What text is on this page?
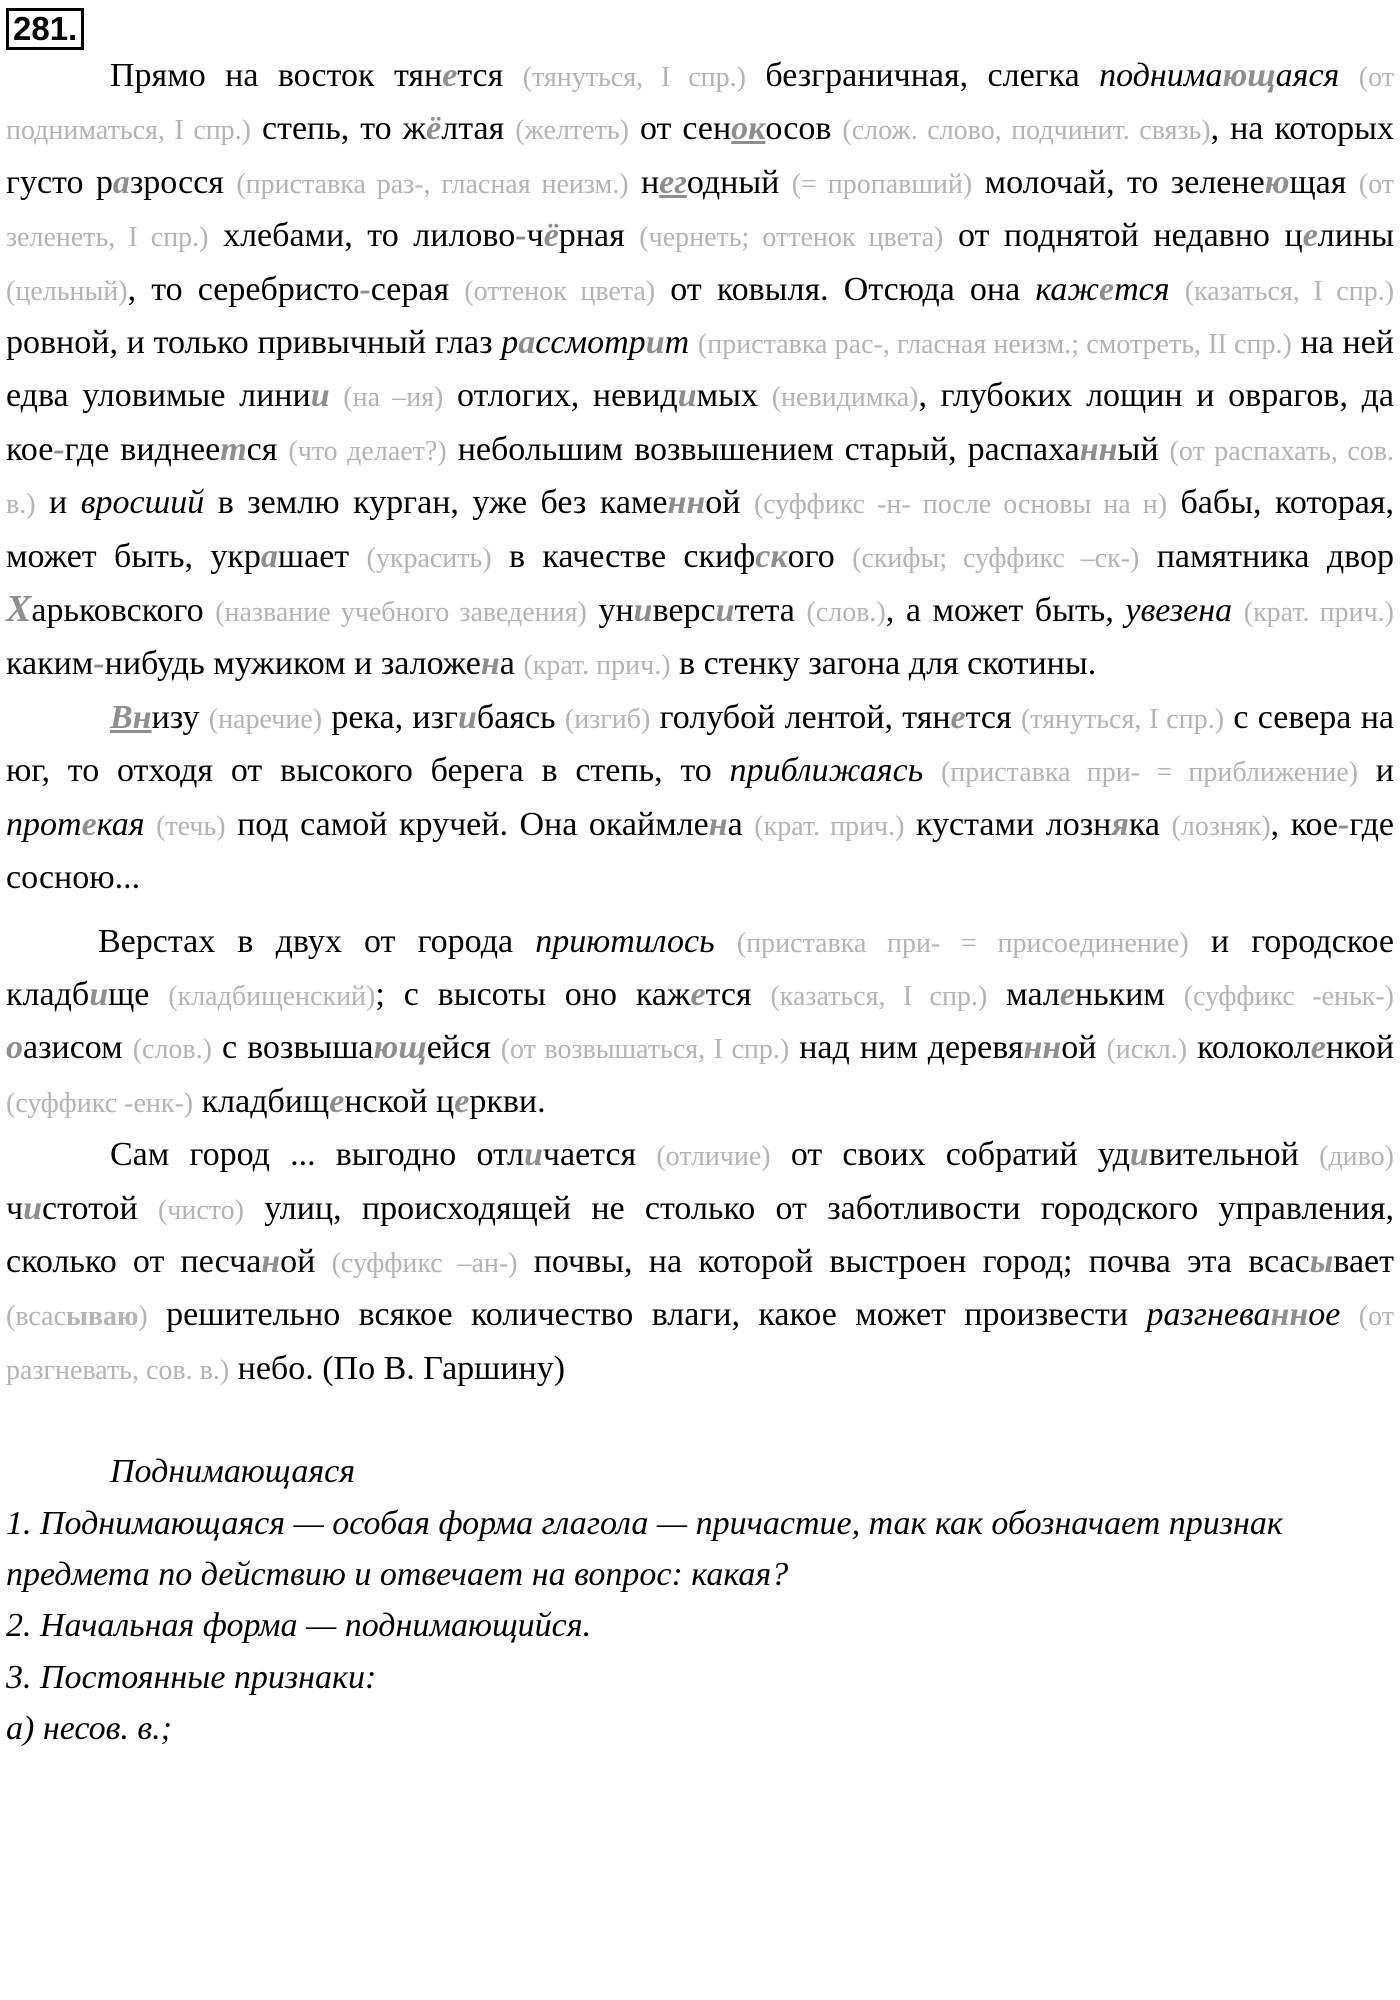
281.

Прямо на восток тянется (тянуться, I спр.) безграничная, слегка поднимающаяся (от подниматься, I спр.) степь, то жёлтая (желтеть) от сенокосов (слож. слово, подчинит. связь), на которых густо разросся (приставка раз-, гласная неизм.) негодный (= пропавший) молочай, то зеленеющая (от зеленеть, I спр.) хлебами, то лилово-чёрная (чернеть; оттенок цвета) от поднятой недавно целины (цельный), то серебристо-серая (оттенок цвета) от ковыля. Отсюда она кажется (казаться, I спр.) ровной, и только привычный глаз рассмотрит (приставка рас-, гласная неизм.; смотреть, II спр.) на ней едва уловимые линии (на –ия) отлогих, невидимых (невидимка), глубоких лощин и оврагов, да кое-где виднеется (что делает?) небольшим возвышением старый, распаханный (от распахать, сов. в.) и вросший в землю курган, уже без каменной (суффикс -н- после основы на н) бабы, которая, может быть, украшает (украсить) в качестве скифского (скифы; суффикс –ск-) памятника двор Харьковского (название учебного заведения) университета (слов.), а может быть, увезена (крат. прич.) каким-нибудь мужиком и заложена (крат. прич.) в стенку загона для скотины.

Внизу (наречие) река, изгибаясь (изгиб) голубой лентой, тянется (тянуться, I спр.) с севера на юг, то отходя от высокого берега в степь, то приближаясь (приставка при- = приближение) и протекая (течь) под самой кручей. Она окаймлена (крат. прич.) кустами лозняка (лозняк), кое-где сосною...

Верстах в двух от города приютилось (приставка при- = присоединение) и городское кладбище (кладбищенский); с высоты оно кажется (казаться, I спр.) маленьким (суффикс -еньк-) оазисом (слов.) с возвышающейся (от возвышаться, I спр.) над ним деревянной (искл.) колоколенкой (суффикс -енк-) кладбищенской церкви.

Сам город ... выгодно отличается (отличие) от своих собратий удивительной (диво) чистотой (чисто) улиц, происходящей не столько от заботливости городского управления, сколько от песчаной (суффикс –ан-) почвы, на которой выстроен город; почва эта всасывает (всасываю) решительно всякое количество влаги, какое может произвести разгневанное (от разгневать, сов. в.) небо. (По В. Гаршину)

Поднимающаяся

1. Поднимающаяся — особая форма глагола — причастие, так как обозначает признак предмета по действию и отвечает на вопрос: какая?

2. Начальная форма — поднимающийся.

3. Постоянные признаки:

а) несов. в.;
